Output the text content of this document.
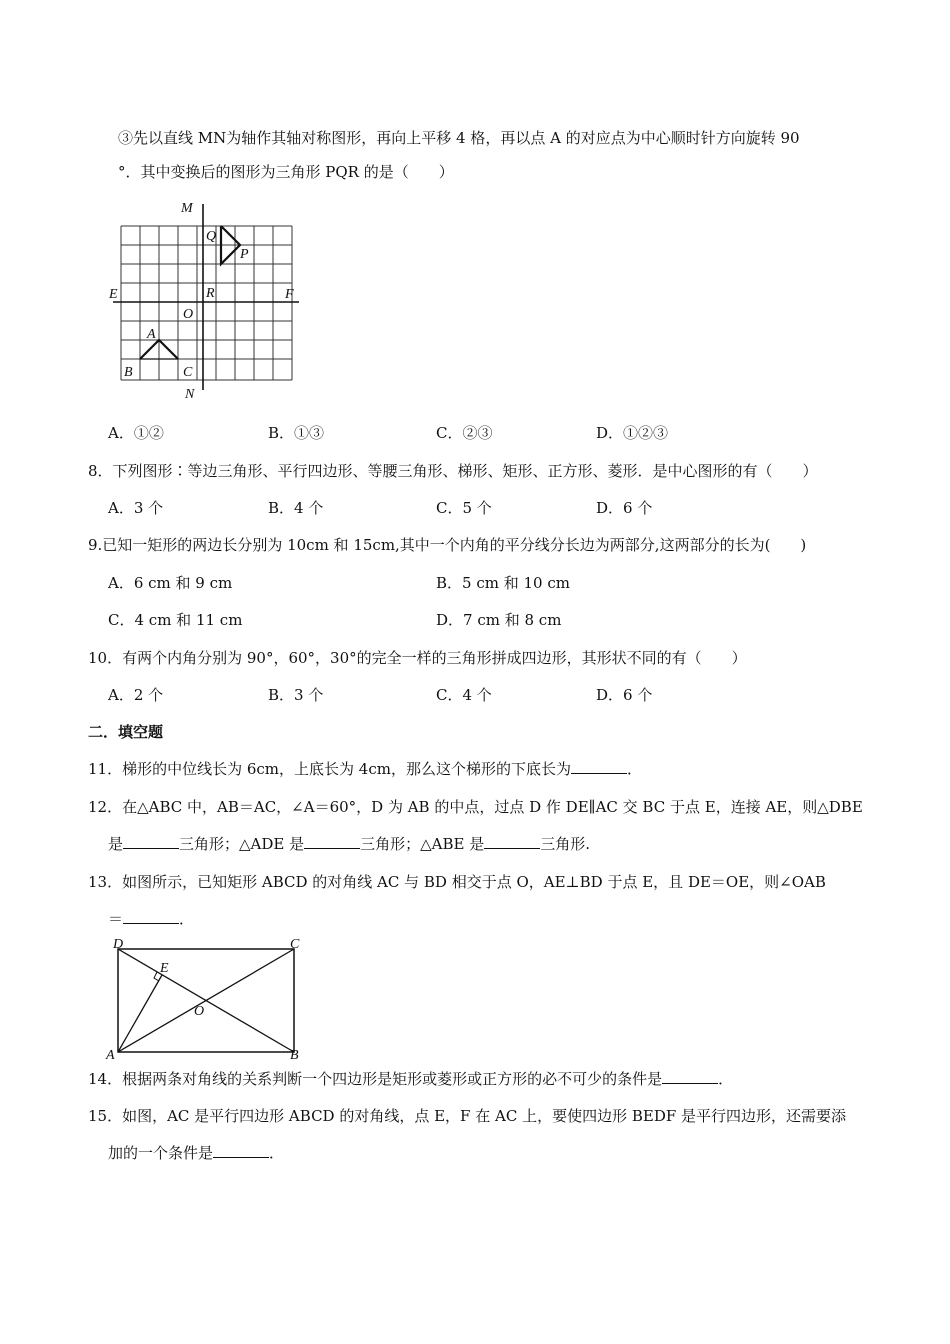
③先以直线 MN为轴作其轴对称图形，再向上平移 4 格，再以点 A 的对应点为中心顺时针方向旋转 90
°．其中变换后的图形为三角形 PQR 的是（　　）
M
N
E	F
Q
P
R
O
A
B	C
A．①②	B．①③	C．②③	D．①②③
8．下列图形∶等边三角形、平行四边形、等腰三角形、梯形、矩形、正方形、菱形．是中心图形的有（　　）
A．3 个	B．4 个	C．5 个	D．6 个
9.已知一矩形的两边长分别为 10cm 和 15cm,其中一个内角的平分线分长边为两部分,这两部分的长为(　　)
A．6 cm 和 9 cm	B．5 cm 和 10 cm
C．4 cm 和 11 cm	D．7 cm 和 8 cm
10．有两个内角分别为 90°，60°，30°的完全一样的三角形拼成四边形，其形状不同的有（　　）
A．2 个	B．3 个	C．4 个	D．6 个
二．填空题
11．梯形的中位线长为 6cm，上底长为 4cm，那么这个梯形的下底长为	．
12．在△ABC 中，AB＝AC，∠A＝60°，D 为 AB 的中点，过点 D 作 DE∥AC 交 BC 于点 E，连接 AE，则△DBE
是	三角形；△ADE 是	三角形；△ABE 是	三角形.
13．如图所示，已知矩形 ABCD 的对角线 AC 与 BD 相交于点 O，AE⊥BD 于点 E，且 DE＝OE，则∠OAB
＝	．
D	C
E
O
A	B
14．根据两条对角线的关系判断一个四边形是矩形或菱形或正方形的必不可少的条件是	．
15．如图，AC 是平行四边形 ABCD 的对角线，点 E，F 在 AC 上，要使四边形 BEDF 是平行四边形，还需要添
加的一个条件是	．
